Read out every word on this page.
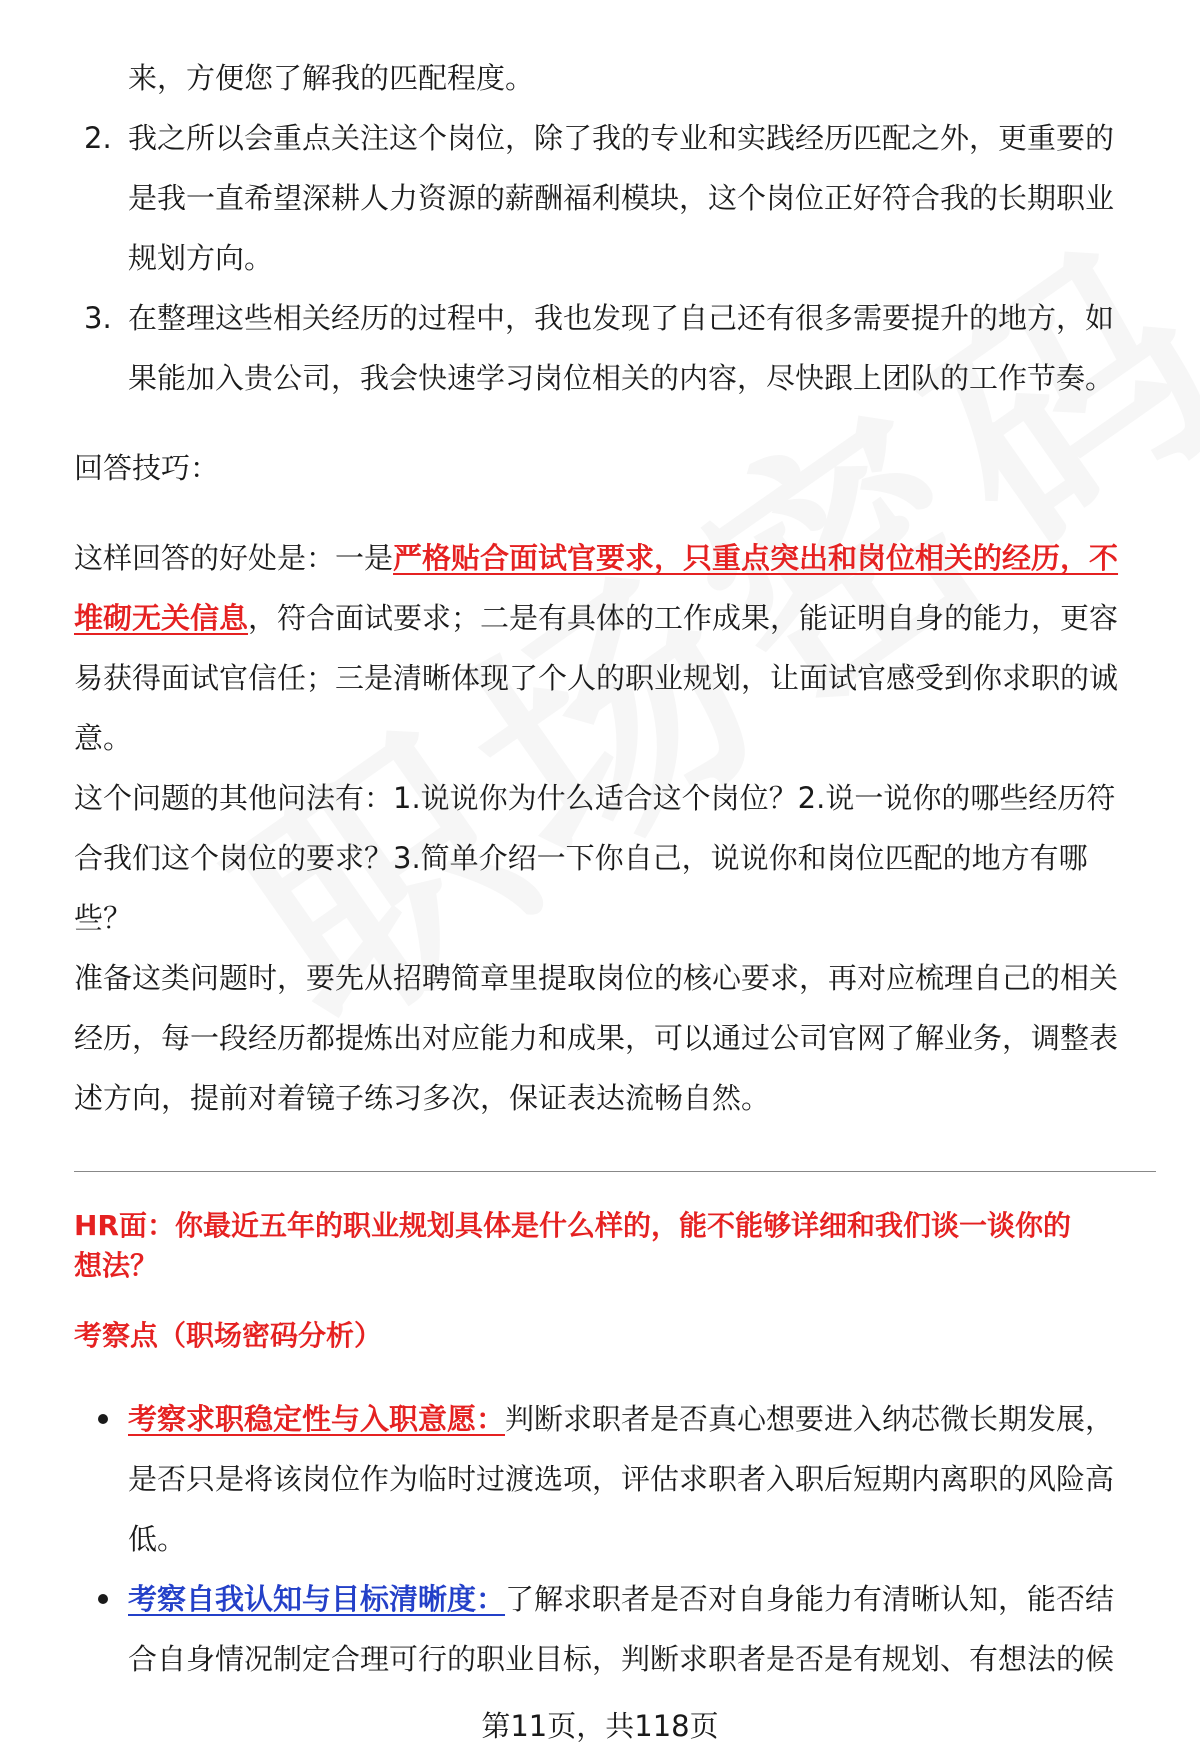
来，方便您了解我的匹配程度。
2. 我之所以会重点关注这个岗位，除了我的专业和实践经历匹配之外，更重要的
是我一直希望深耕人力资源的薪酬福利模块，这个岗位正好符合我的长期职业
规划方向。
3. 在整理这些相关经历的过程中，我也发现了自己还有很多需要提升的地方，如
果能加入贵公司，我会快速学习岗位相关的内容，尽快跟上团队的工作节奏。
回答技巧：
这样回答的好处是：一是严格贴合面试官要求，只重点突出和岗位相关的经历，不
堆砌无关信息，符合面试要求；二是有具体的工作成果，能证明自身的能力，更容
易获得面试官信任；三是清晰体现了个人的职业规划，让面试官感受到你求职的诚
意。
这个问题的其他问法有：1.说说你为什么适合这个岗位？2.说一说你的哪些经历符
合我们这个岗位的要求？3.简单介绍一下你自己，说说你和岗位匹配的地方有哪
些？
准备这类问题时，要先从招聘简章里提取岗位的核心要求，再对应梳理自己的相关
经历，每一段经历都提炼出对应能力和成果，可以通过公司官网了解业务，调整表
述方向，提前对着镜子练习多次，保证表达流畅自然。
HR面：你最近五年的职业规划具体是什么样的，能不能够详细和我们谈一谈你的
想法？
考察点（职场密码分析）
考察求职稳定性与入职意愿：判断求职者是否真心想要进入纳芯微长期发展，
是否只是将该岗位作为临时过渡选项，评估求职者入职后短期内离职的风险高
低。
考察自我认知与目标清晰度：了解求职者是否对自身能力有清晰认知，能否结
合自身情况制定合理可行的职业目标，判断求职者是否是有规划、有想法的候
第11页，共118页
